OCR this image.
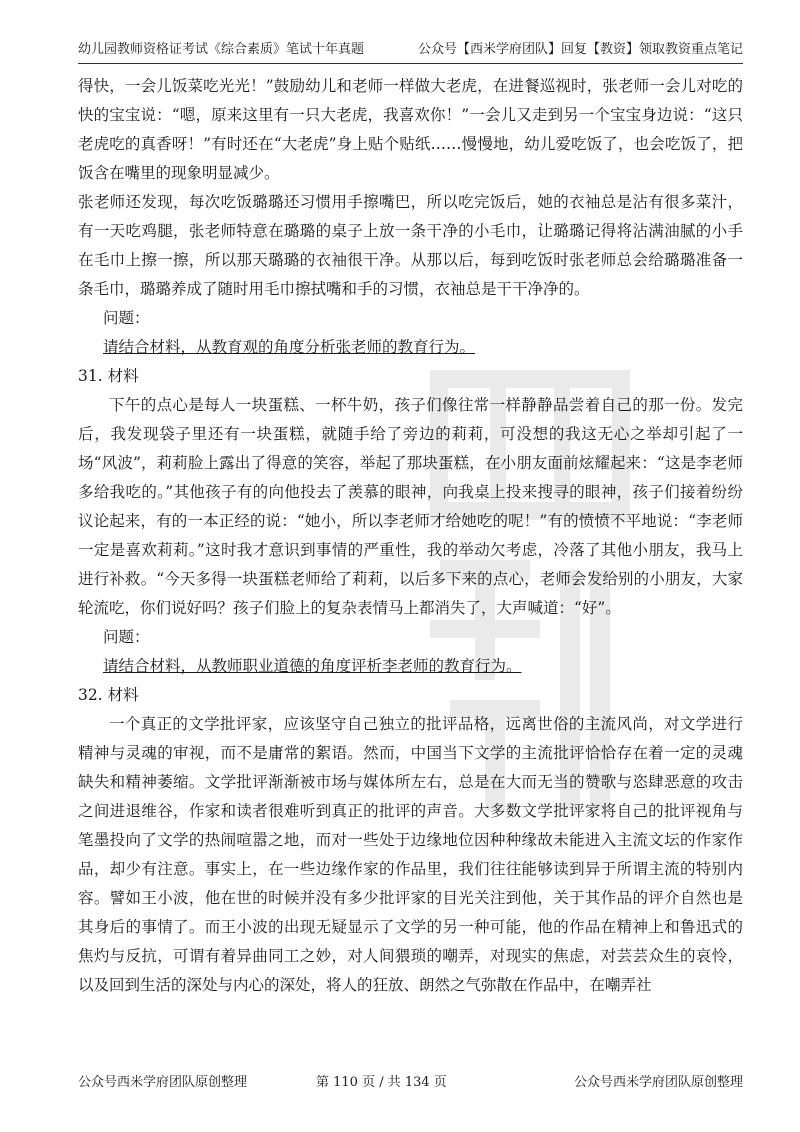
幼儿园教师资格证考试《综合素质》笔试十年真题	公众号【西米学府团队】回复【教资】领取教资重点笔记

得快，一会儿饭菜吃光光！”鼓励幼儿和老师一样做大老虎，在进餐巡视时，张老师一会儿对吃的快的宝宝说：“嗯，原来这里有一只大老虎，我喜欢你！”一会儿又走到另一个宝宝身边说：“这只老虎吃的真香呀！”有时还在“大老虎”身上贴个贴纸……慢慢地，幼儿爱吃饭了，也会吃饭了，把饭含在嘴里的现象明显减少。

张老师还发现，每次吃饭璐璐还习惯用手擦嘴巴，所以吃完饭后，她的衣袖总是沾有很多菜汁，有一天吃鸡腿，张老师特意在璐璐的桌子上放一条干净的小毛巾，让璐璐记得将沾满油腻的小手在毛巾上擦一擦，所以那天璐璐的衣袖很干净。从那以后，每到吃饭时张老师总会给璐璐准备一条毛巾，璐璐养成了随时用毛巾擦拭嘴和手的习惯，衣袖总是干干净净的。

问题：

请结合材料，从教育观的角度分析张老师的教育行为。

31. 材料

下午的点心是每人一块蛋糕、一杯牛奶，孩子们像往常一样静静品尝着自己的那一份。发完后，我发现袋子里还有一块蛋糕，就随手给了旁边的莉莉，可没想的我这无心之举却引起了一场“风波”，莉莉脸上露出了得意的笑容，举起了那块蛋糕，在小朋友面前炫耀起来：“这是李老师多给我吃的。”其他孩子有的向他投去了羡慕的眼神，向我桌上投来搜寻的眼神，孩子们接着纷纷议论起来，有的一本正经的说：“她小，所以李老师才给她吃的呢！”有的愤愤不平地说：“李老师一定是喜欢莉莉。”这时我才意识到事情的严重性，我的举动欠考虑，冷落了其他小朋友，我马上进行补救。“今天多得一块蛋糕老师给了莉莉，以后多下来的点心，老师会发给别的小朋友，大家轮流吃，你们说好吗？孩子们脸上的复杂表情马上都消失了，大声喊道：“好”。

问题：

请结合材料，从教师职业道德的角度评析李老师的教育行为。

32. 材料

一个真正的文学批评家，应该坚守自己独立的批评品格，远离世俗的主流风尚，对文学进行精神与灵魂的审视，而不是庸常的絮语。然而，中国当下文学的主流批评恰恰存在着一定的灵魂缺失和精神萎缩。文学批评渐渐被市场与媒体所左右，总是在大而无当的赞歌与恣肆恶意的攻击之间进退维谷，作家和读者很难听到真正的批评的声音。大多数文学批评家将自己的批评视角与笔墨投向了文学的热闹喧嚣之地，而对一些处于边缘地位因种种缘故未能进入主流文坛的作家作品，却少有注意。事实上，在一些边缘作家的作品里，我们往往能够读到异于所谓主流的特别内容。譬如王小波，他在世的时候并没有多少批评家的目光关注到他，关于其作品的评介自然也是其身后的事情了。而王小波的出现无疑显示了文学的另一种可能，他的作品在精神上和鲁迅式的焦灼与反抗，可谓有着异曲同工之妙，对人间猥琐的嘲弄，对现实的焦虑，对芸芸众生的哀怜，以及回到生活的深处与内心的深处，将人的狂放、朗然之气弥散在作品中，在嘲弄社

公众号西米学府团队原创整理	第 110 页 / 共 134 页	公众号西米学府团队原创整理
